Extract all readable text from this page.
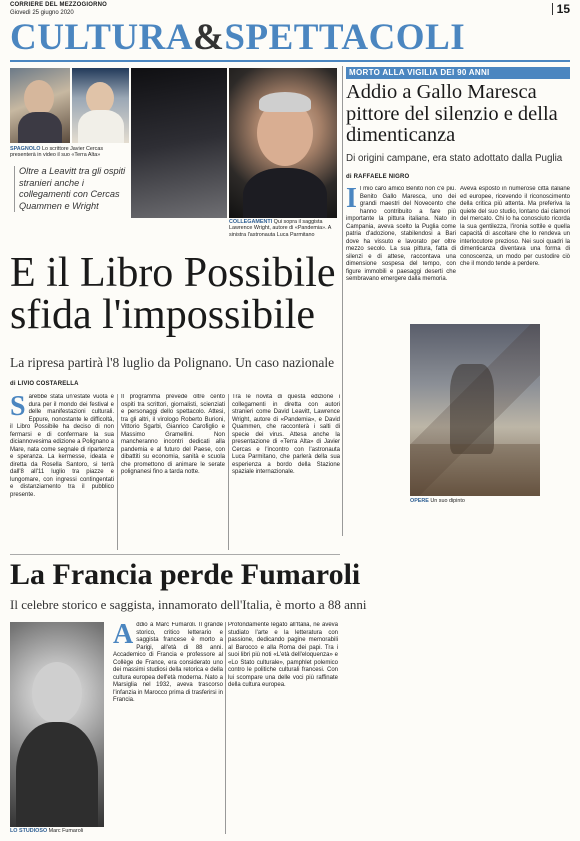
CORRIERE DEL MEZZOGIORNO
Giovedì 25 giugno 2020	15
CULTURA&SPETTACOLI
SPAGNOLO Lo scrittore Javier Cercas presenterà in video il suo «Terra Alta»
Oltre a Leavitt tra gli ospiti stranieri anche i collegamenti con Cercas Quammen e Wright
COLLEGAMENTI Qui sopra il saggista Lawrence Wright, autore di «Pandemia». A sinistra l'astronauta Luca Parmitano
E il Libro Possibile sfida l'impossibile
La ripresa partirà l'8 luglio da Polignano. Un caso nazionale
di LIVIO COSTARELLA
Sarebbe stata un'estate vuota e dura per il mondo dei festival e delle manifestazioni culturali. Eppure, nonostante le difficoltà, il Libro Possibile ha deciso di non fermarsi e di confermare la sua diciannovesima edizione a Polignano a Mare, nata come segnale di ripartenza e speranza. La kermesse, ideata e diretta da Rosella Santoro, si terrà dall'8 all'11 luglio tra piazze e lungomare, con ingressi contingentati e distanziamento tra il pubblico presente.
Il programma prevede oltre cento ospiti tra scrittori, giornalisti, scienziati e personaggi dello spettacolo. Attesi, tra gli altri, il virologo Roberto Burioni, Vittorio Sgarbi, Gianrico Carofiglio e Massimo Gramellini. Non mancheranno incontri dedicati alla pandemia e al futuro del Paese, con dibattiti su economia, sanità e scuola che promettono di animare le serate polignanesi fino a tarda notte.
Tra le novità di questa edizione i collegamenti in diretta con autori stranieri come David Leavitt, Lawrence Wright, autore di «Pandemia», e David Quammen, che racconterà i salti di specie dei virus. Attesa anche la presentazione di «Terra Alta» di Javier Cercas e l'incontro con l'astronauta Luca Parmitano, che parlerà della sua esperienza a bordo della Stazione spaziale internazionale.
MORTO ALLA VIGILIA DEI 90 ANNI
Addio a Gallo Maresca pittore del silenzio e della dimenticanza
Di origini campane, era stato adottato dalla Puglia
di RAFFAELE NIGRO
Il mio caro amico Benito non c'è più. Benito Gallo Maresca, uno dei grandi maestri del Novecento che hanno contribuito a fare più importante la pittura italiana. Nato in Campania, aveva scelto la Puglia come patria d'adozione, stabilendosi a Bari dove ha vissuto e lavorato per oltre mezzo secolo. La sua pittura, fatta di silenzi e di attese, raccontava una dimensione sospesa del tempo, con figure immobili e paesaggi deserti che sembravano emergere dalla memoria.
Aveva esposto in numerose città italiane ed europee, ricevendo il riconoscimento della critica più attenta. Ma preferiva la quiete del suo studio, lontano dai clamori del mercato. Chi lo ha conosciuto ricorda la sua gentilezza, l'ironia sottile e quella capacità di ascoltare che lo rendeva un interlocutore prezioso. Nei suoi quadri la dimenticanza diventava una forma di conoscenza, un modo per custodire ciò che il mondo tende a perdere.
OPERE Un suo dipinto
La Francia perde Fumaroli
Il celebre storico e saggista, innamorato dell'Italia, è morto a 88 anni
LO STUDIOSO Marc Fumaroli
Addio a Marc Fumaroli. Il grande storico, critico letterario e saggista francese è morto a Parigi, all'età di 88 anni. Accademico di Francia e professore al Collège de France, era considerato uno dei massimi studiosi della retorica e della cultura europea dell'età moderna. Nato a Marsiglia nel 1932, aveva trascorso l'infanzia in Marocco prima di trasferirsi in Francia.
Profondamente legato all'Italia, ne aveva studiato l'arte e la letteratura con passione, dedicando pagine memorabili al Barocco e alla Roma dei papi. Tra i suoi libri più noti «L'età dell'eloquenza» e «Lo Stato culturale», pamphlet polemico contro le politiche culturali francesi. Con lui scompare una delle voci più raffinate della cultura europea.
